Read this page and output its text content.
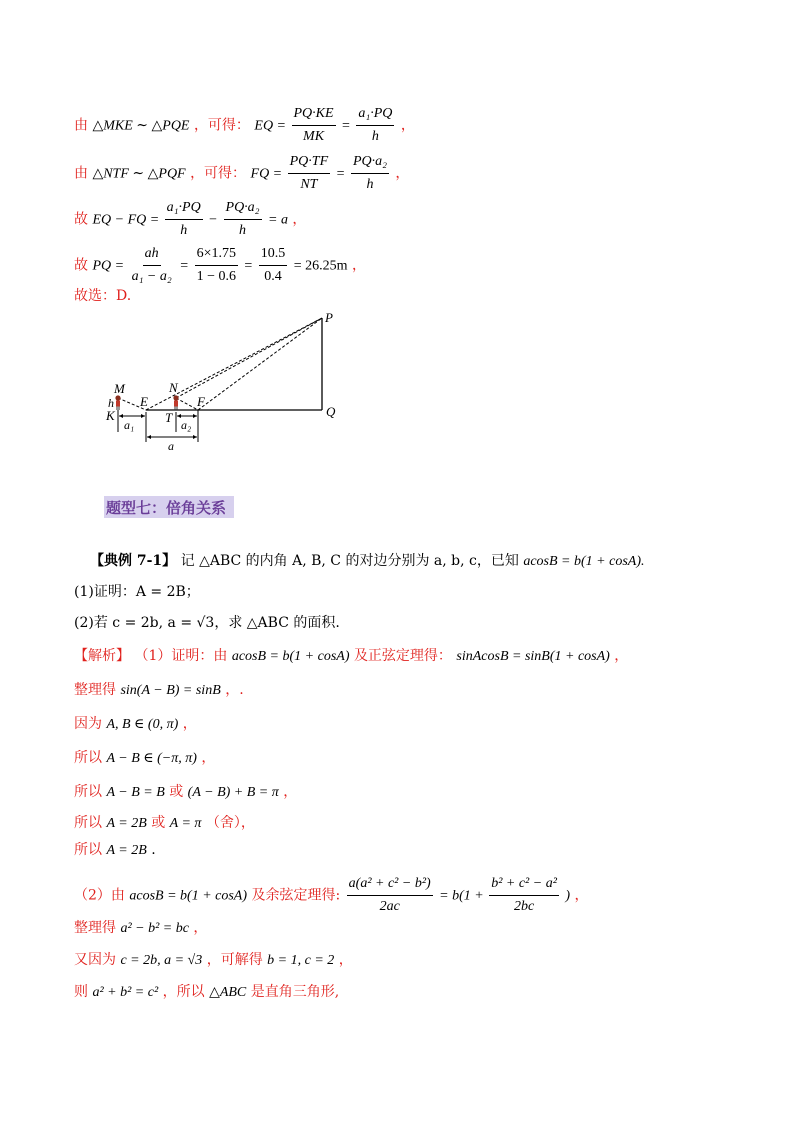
由 △MKE ∼ △PQE ，可得： EQ = $\frac{PQ\cdot KE}{MK} = \frac{\text{a₁·PQ}}{h}$ ，
由 △NTF ∼ △PQF ，可得： FQ = $\frac{PQ\cdot TF}{NT} = \frac{\text{PQ·a₂}}{h}$ ，
故 EQ − FQ = $\frac{\text{a₁·PQ}}{h} - \frac{\text{PQ·a₂}}{h} = a$ ，
故 PQ = $\frac{ah}{\text{a₁ − a₂}} = \frac{6\times 1.75}{1 - 0.6} = \frac{10.5}{0.4} = 26.25m$ ，
故选：D.
P
Q
M	N
E	F
h
K	T
a₁	a₂
a
题型七：倍角关系
【典例 7-1】 记 △ABC 的内角 A, B, C 的对边分别为 a, b, c，已知 acosB = b(1 + cosA).
(1)证明：A = 2B；
(2)若 c = 2b, a = √3，求 △ABC 的面积.
【解析】 （1）证明：由 acosB = b(1 + cosA) 及正弦定理得： sinAcosB = sinB(1 + cosA) ，
整理得 sin(A − B) = sinB ，.
因为 A, B ∈ (0, π) ，
所以 A − B ∈ (−π, π) ，
所以 A − B = B 或 (A − B) + B = π ，
所以 A = 2B 或 A = π （舍），
所以 A = 2B .
（2）由 acosB = b(1 + cosA) 及余弦定理得: $\frac{\text{a(a² + c² − b²)}}{2ac} = b(1 + \frac{\text{b² + c² − a²}}{2bc}$ ) ，
整理得 a² − b² = bc ，
又因为 c = 2b, a = √3 ，可解得 b = 1, c = 2 ，
则 a² + b² = c² ，所以 △ABC 是直角三角形,
